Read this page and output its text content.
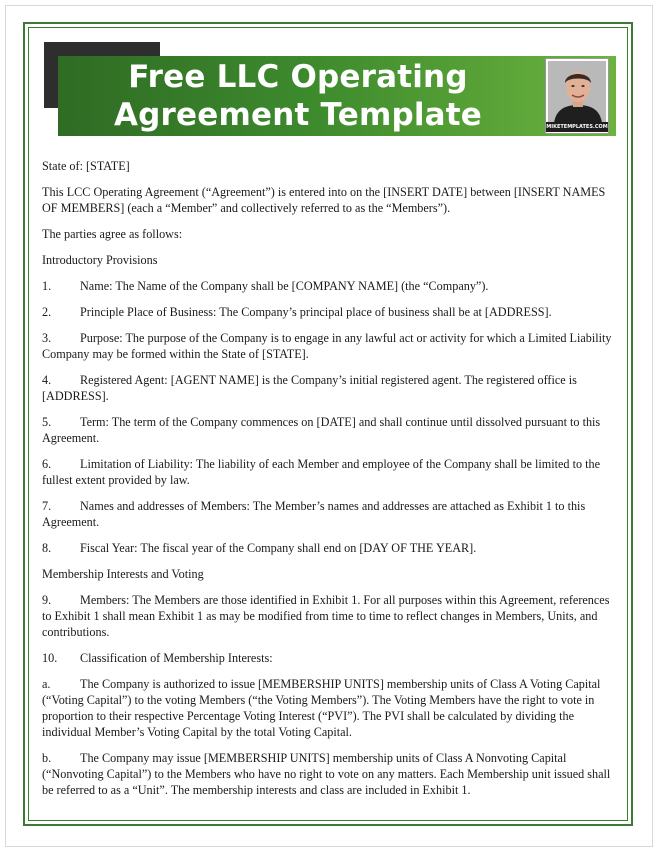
Free LLC Operating
Agreement Template	MIKETEMPLATES.COM

State of: [STATE]

This LCC Operating Agreement (“Agreement”) is entered into on the [INSERT DATE] between [INSERT NAMES OF MEMBERS] (each a “Member” and collectively referred to as the “Members”).

The parties agree as follows:

Introductory Provisions

1. Name: The Name of the Company shall be [COMPANY NAME] (the “Company”).

2. Principle Place of Business: The Company’s principal place of business shall be at [ADDRESS].

3. Purpose: The purpose of the Company is to engage in any lawful act or activity for which a Limited Liability Company may be formed within the State of [STATE].

4. Registered Agent: [AGENT NAME] is the Company’s initial registered agent. The registered office is [ADDRESS].

5. Term: The term of the Company commences on [DATE] and shall continue until dissolved pursuant to this Agreement.

6. Limitation of Liability: The liability of each Member and employee of the Company shall be limited to the fullest extent provided by law.

7. Names and addresses of Members: The Member’s names and addresses are attached as Exhibit 1 to this Agreement.

8. Fiscal Year: The fiscal year of the Company shall end on [DAY OF THE YEAR].

Membership Interests and Voting

9. Members: The Members are those identified in Exhibit 1. For all purposes within this Agreement, references to Exhibit 1 shall mean Exhibit 1 as may be modified from time to time to reflect changes in Members, Units, and contributions.

10. Classification of Membership Interests:

a. The Company is authorized to issue [MEMBERSHIP UNITS] membership units of Class A Voting Capital (“Voting Capital”) to the voting Members (“the Voting Members”). The Voting Members have the right to vote in proportion to their respective Percentage Voting Interest (“PVI”). The PVI shall be calculated by dividing the individual Member’s Voting Capital by the total Voting Capital.

b. The Company may issue [MEMBERSHIP UNITS] membership units of Class A Nonvoting Capital (“Nonvoting Capital”) to the Members who have no right to vote on any matters. Each Membership unit issued shall be referred to as a “Unit”. The membership interests and class are included in Exhibit 1.
